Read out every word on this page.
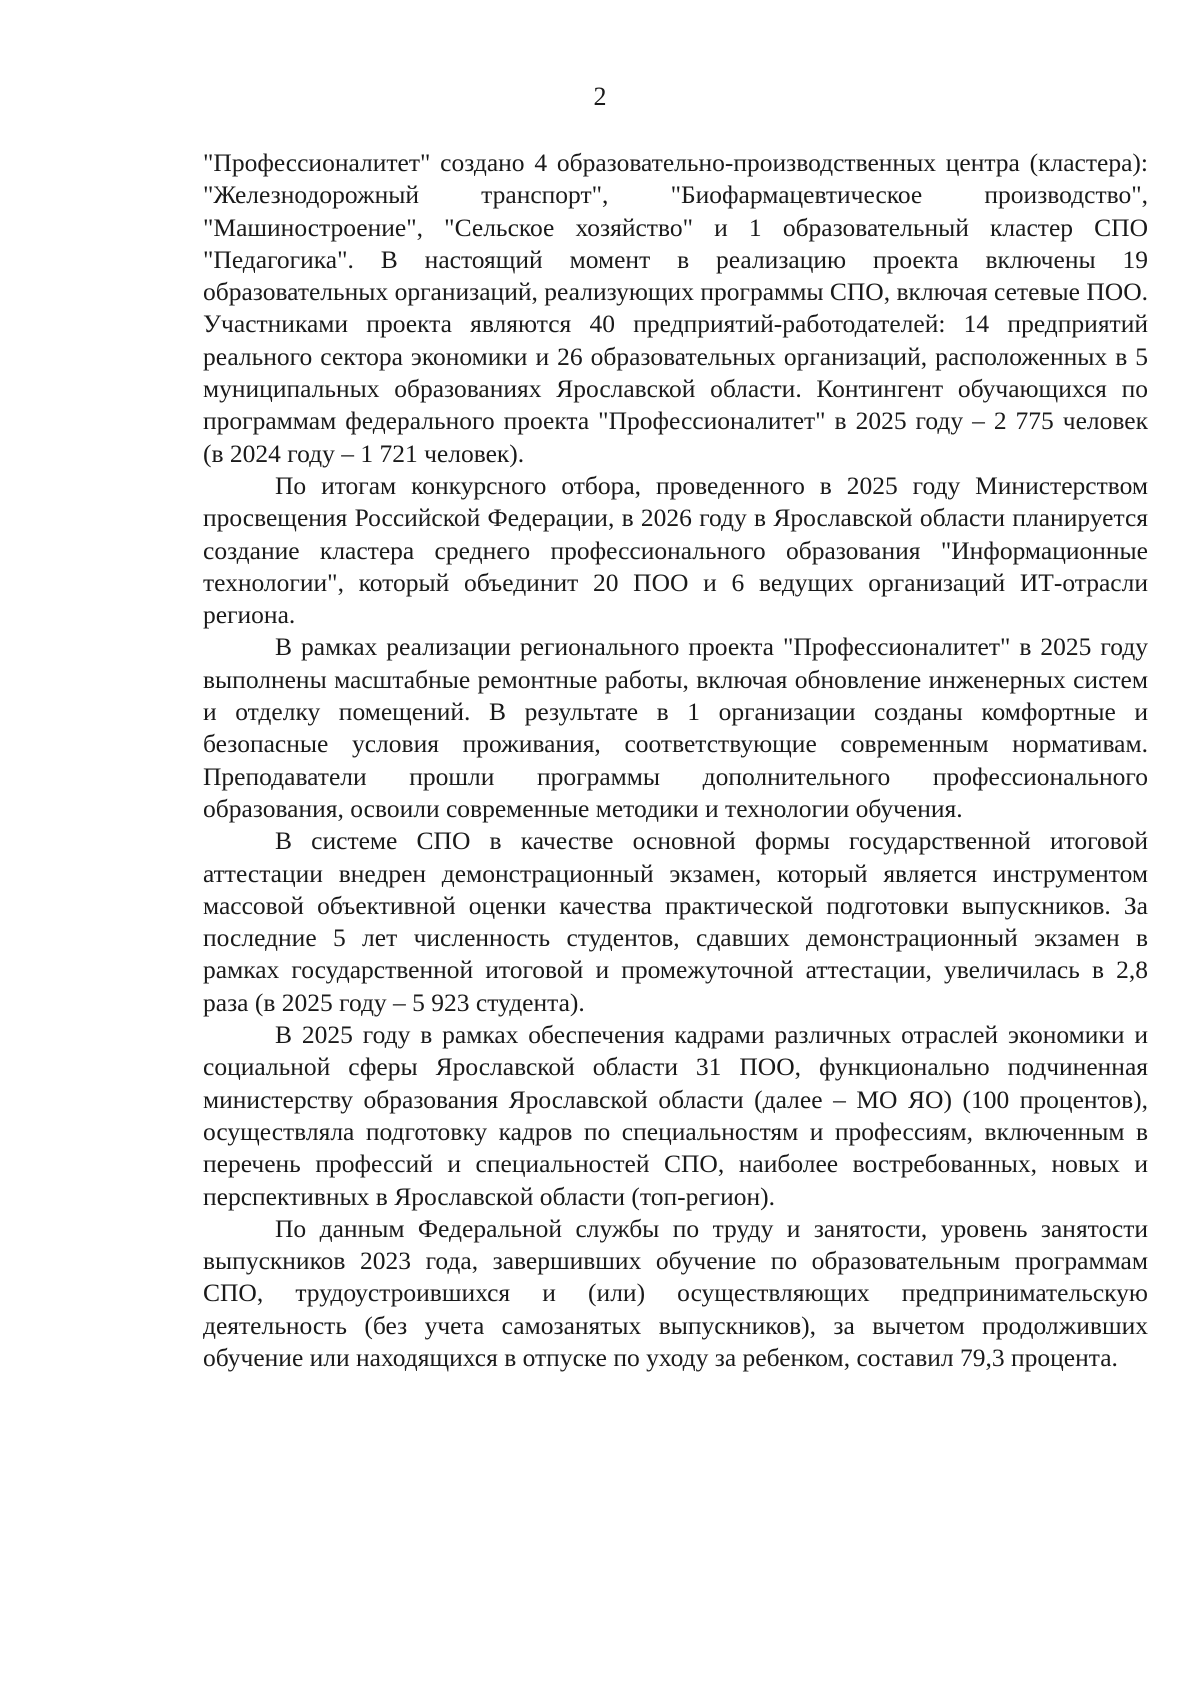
2

"Профессионалитет" создано 4 образовательно-производственных центра (кластера): "Железнодорожный транспорт", "Биофармацевтическое производство", "Машиностроение", "Сельское хозяйство" и 1 образовательный кластер СПО "Педагогика". В настоящий момент в реализацию проекта включены 19 образовательных организаций, реализующих программы СПО, включая сетевые ПОО. Участниками проекта являются 40 предприятий-работодателей: 14 предприятий реального сектора экономики и 26 образовательных организаций, расположенных в 5 муниципальных образованиях Ярославской области. Контингент обучающихся по программам федерального проекта "Профессионалитет" в 2025 году – 2 775 человек (в 2024 году – 1 721 человек).

По итогам конкурсного отбора, проведенного в 2025 году Министерством просвещения Российской Федерации, в 2026 году в Ярославской области планируется создание кластера среднего профессионального образования "Информационные технологии", который объединит 20 ПОО и 6 ведущих организаций ИТ-отрасли региона.

В рамках реализации регионального проекта "Профессионалитет" в 2025 году выполнены масштабные ремонтные работы, включая обновление инженерных систем и отделку помещений. В результате в 1 организации созданы комфортные и безопасные условия проживания, соответствующие современным нормативам. Преподаватели прошли программы дополнительного профессионального образования, освоили современные методики и технологии обучения.

В системе СПО в качестве основной формы государственной итоговой аттестации внедрен демонстрационный экзамен, который является инструментом массовой объективной оценки качества практической подготовки выпускников. За последние 5 лет численность студентов, сдавших демонстрационный экзамен в рамках государственной итоговой и промежуточной аттестации, увеличилась в 2,8 раза (в 2025 году – 5 923 студента).

В 2025 году в рамках обеспечения кадрами различных отраслей экономики и социальной сферы Ярославской области 31 ПОО, функционально подчиненная министерству образования Ярославской области (далее – МО ЯО) (100 процентов), осуществляла подготовку кадров по специальностям и профессиям, включенным в перечень профессий и специальностей СПО, наиболее востребованных, новых и перспективных в Ярославской области (топ-регион).

По данным Федеральной службы по труду и занятости, уровень занятости выпускников 2023 года, завершивших обучение по образовательным программам СПО, трудоустроившихся и (или) осуществляющих предпринимательскую деятельность (без учета самозанятых выпускников), за вычетом продолживших обучение или находящихся в отпуске по уходу за ребенком, составил 79,3 процента.
